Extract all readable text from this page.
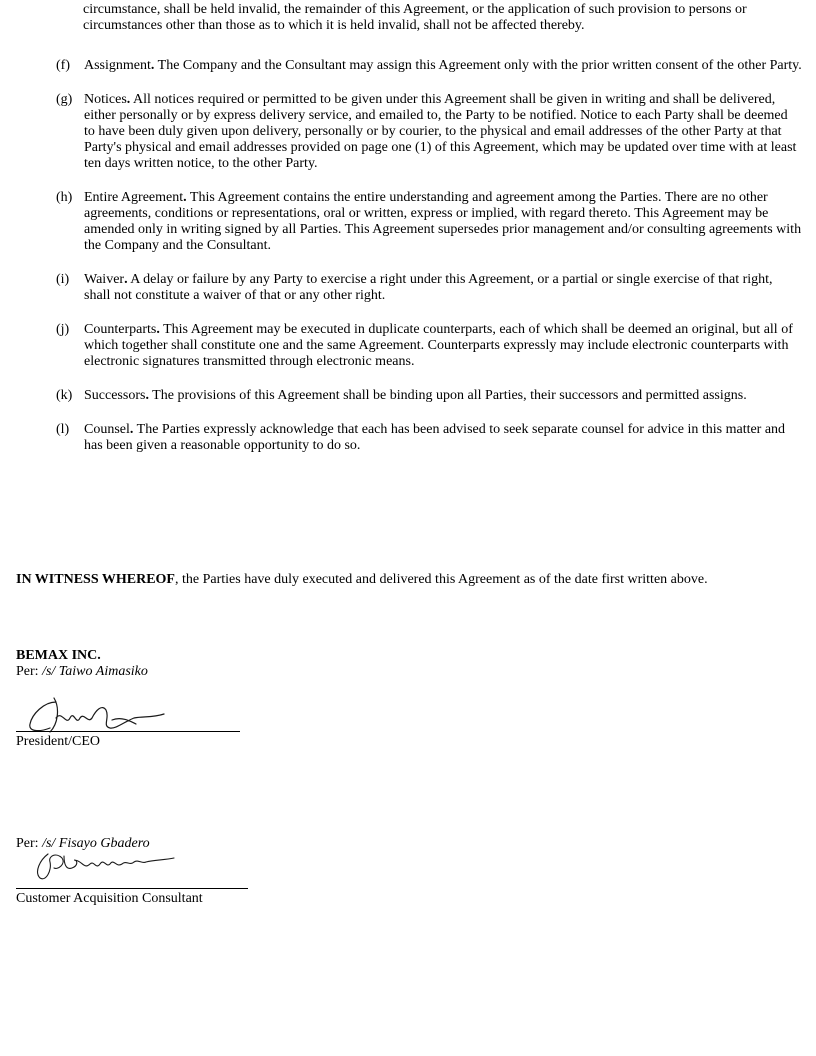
circumstance, shall be held invalid, the remainder of this Agreement, or the application of such provision to persons or circumstances other than those as to which it is held invalid, shall not be affected thereby.
(f)	Assignment. The Company and the Consultant may assign this Agreement only with the prior written consent of the other Party.
(g) Notices. All notices required or permitted to be given under this Agreement shall be given in writing and shall be delivered, either personally or by express delivery service, and emailed to, the Party to be notified. Notice to each Party shall be deemed to have been duly given upon delivery, personally or by courier, to the physical and email addresses of the other Party at that Party's physical and email addresses provided on page one (1) of this Agreement, which may be updated over time with at least ten days written notice, to the other Party.
(h) Entire Agreement. This Agreement contains the entire understanding and agreement among the Parties. There are no other agreements, conditions or representations, oral or written, express or implied, with regard thereto. This Agreement may be amended only in writing signed by all Parties. This Agreement supersedes prior management and/or consulting agreements with the Company and the Consultant.
(i)	Waiver. A delay or failure by any Party to exercise a right under this Agreement, or a partial or single exercise of that right, shall not constitute a waiver of that or any other right.
(j)	Counterparts. This Agreement may be executed in duplicate counterparts, each of which shall be deemed an original, but all of which together shall constitute one and the same Agreement. Counterparts expressly may include electronic counterparts with electronic signatures transmitted through electronic means.
(k) Successors. The provisions of this Agreement shall be binding upon all Parties, their successors and permitted assigns.
(l)	Counsel. The Parties expressly acknowledge that each has been advised to seek separate counsel for advice in this matter and has been given a reasonable opportunity to do so.
IN WITNESS WHEREOF, the Parties have duly executed and delivered this Agreement as of the date first written above.
BEMAX INC.
Per: /s/ Taiwo Aimasiko
President/CEO
Per: /s/ Fisayo Gbadero
Customer Acquisition Consultant
